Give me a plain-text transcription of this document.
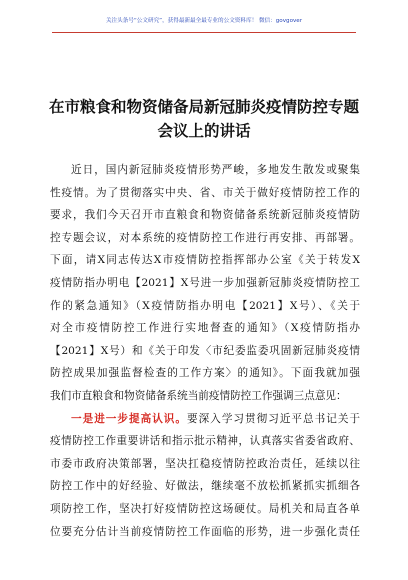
关注头条号“公文研究”，获得最新最全最专业的公文资料库！ 微信：govgover
在市粮食和物资储备局新冠肺炎疫情防控专题
会议上的讲话
近日，国内新冠肺炎疫情形势严峻，多地发生散发或聚集
性疫情。为了贯彻落实中央、省、市关于做好疫情防控工作的
要求，我们今天召开市直粮食和物资储备系统新冠肺炎疫情防
控专题会议，对本系统的疫情防控工作进行再安排、再部署。
下面，请X同志传达X市疫情防控指挥部办公室《关于转发X
疫情防指办明电【2021】X号进一步加强新冠肺炎疫情防控工
作的紧急通知》（X疫情防指办明电【2021】X号）、《关于
对全市疫情防控工作进行实地督查的通知》（X疫情防指办
【2021】X号）和《关于印发〈市纪委监委巩固新冠肺炎疫情
防控成果加强监督检查的工作方案〉的通知》。下面我就加强
我们市直粮食和物资储备系统当前疫情防控工作强调三点意见：
一是进一步提高认识。要深入学习贯彻习近平总书记关于
疫情防控工作重要讲话和指示批示精神，认真落实省委省政府、
市委市政府决策部署，坚决扛稳疫情防控政治责任，延续以往
防控工作中的好经验、好做法，继续毫不放松抓紧抓实抓细各
项防控工作，坚决打好疫情防控这场硬仗。局机关和局直各单
位要充分估计当前疫情防控工作面临的形势，进一步强化责任
